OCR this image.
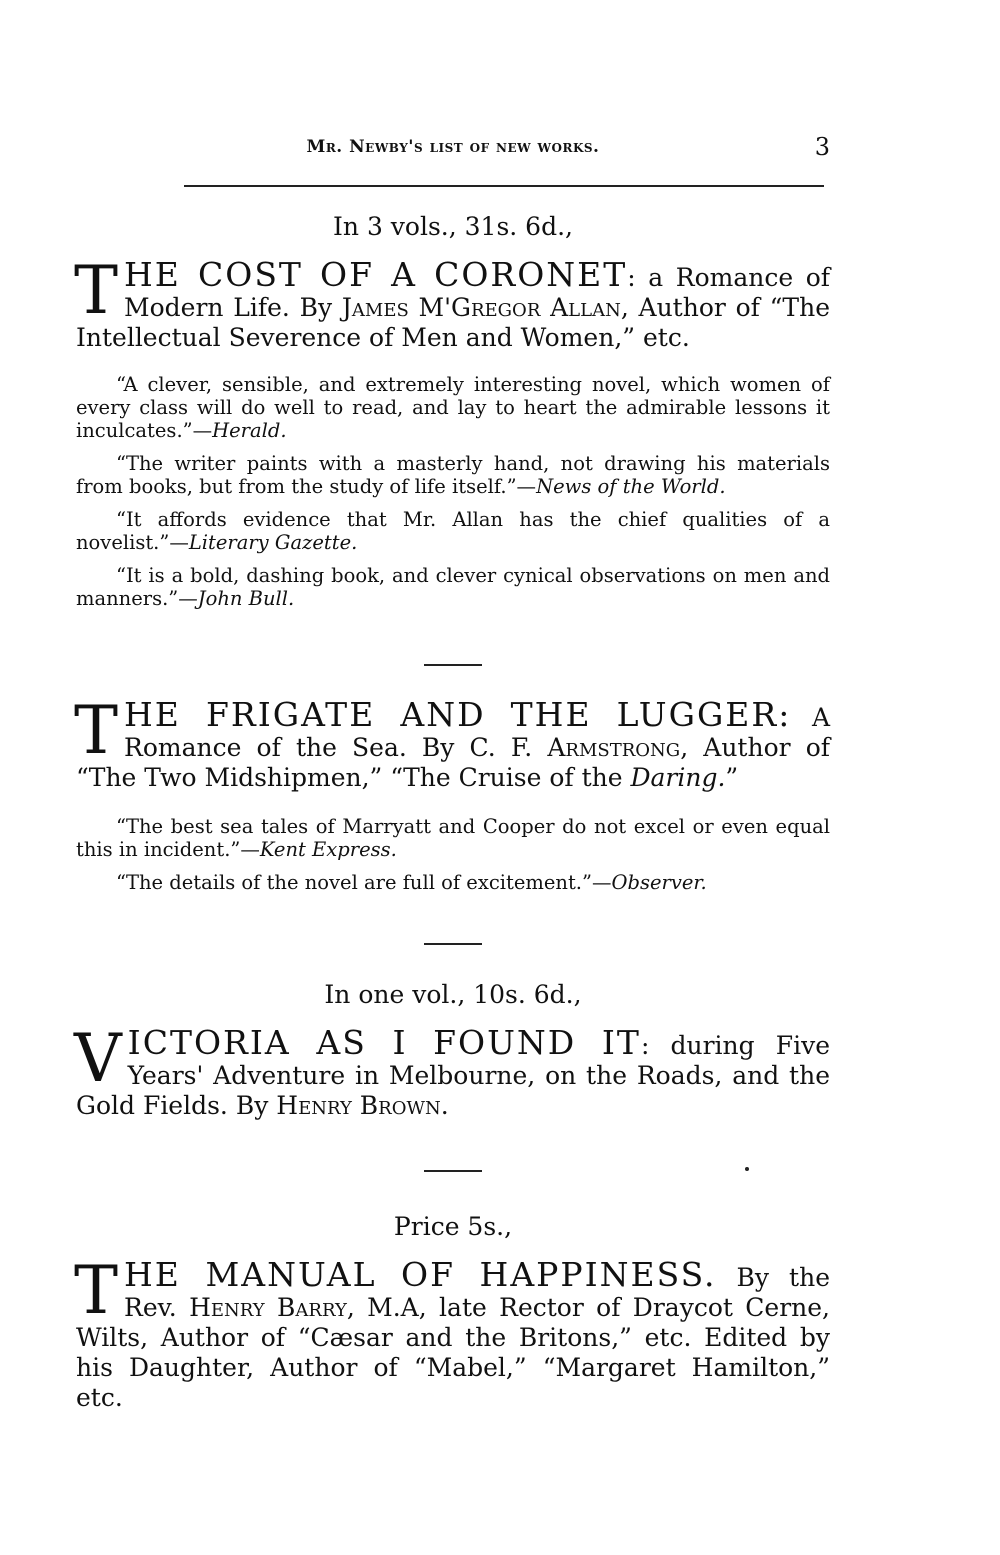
Mr. Newby's list of new works.	3
In 3 vols., 31s. 6d.,

THE COST OF A CORONET: a Romance of Modern Life. By James M'Gregor Allan, Author of “The Intellectual Severence of Men and Women,” etc.

“A clever, sensible, and extremely interesting novel, which women of every class will do well to read, and lay to heart the admirable lessons it inculcates.”—Herald.

“The writer paints with a masterly hand, not drawing his materials from books, but from the study of life itself.”—News of the World.

“It affords evidence that Mr. Allan has the chief qualities of a novelist.”—Literary Gazette.

“It is a bold, dashing book, and clever cynical observations on men and manners.”—John Bull.

THE FRIGATE AND THE LUGGER: A Romance of the Sea. By C. F. Armstrong, Author of “The Two Midshipmen,” “The Cruise of the Daring.”

“The best sea tales of Marryatt and Cooper do not excel or even equal this in incident.”—Kent Express.

“The details of the novel are full of excitement.”—Observer.

In one vol., 10s. 6d.,

VICTORIA AS I FOUND IT: during Five Years' Adventure in Melbourne, on the Roads, and the Gold Fields. By Henry Brown.

Price 5s.,

THE MANUAL OF HAPPINESS. By the Rev. Henry Barry, M.A, late Rector of Draycot Cerne, Wilts, Author of “Cæsar and the Britons,” etc. Edited by his Daughter, Author of “Mabel,” “Margaret Hamilton,” etc.
